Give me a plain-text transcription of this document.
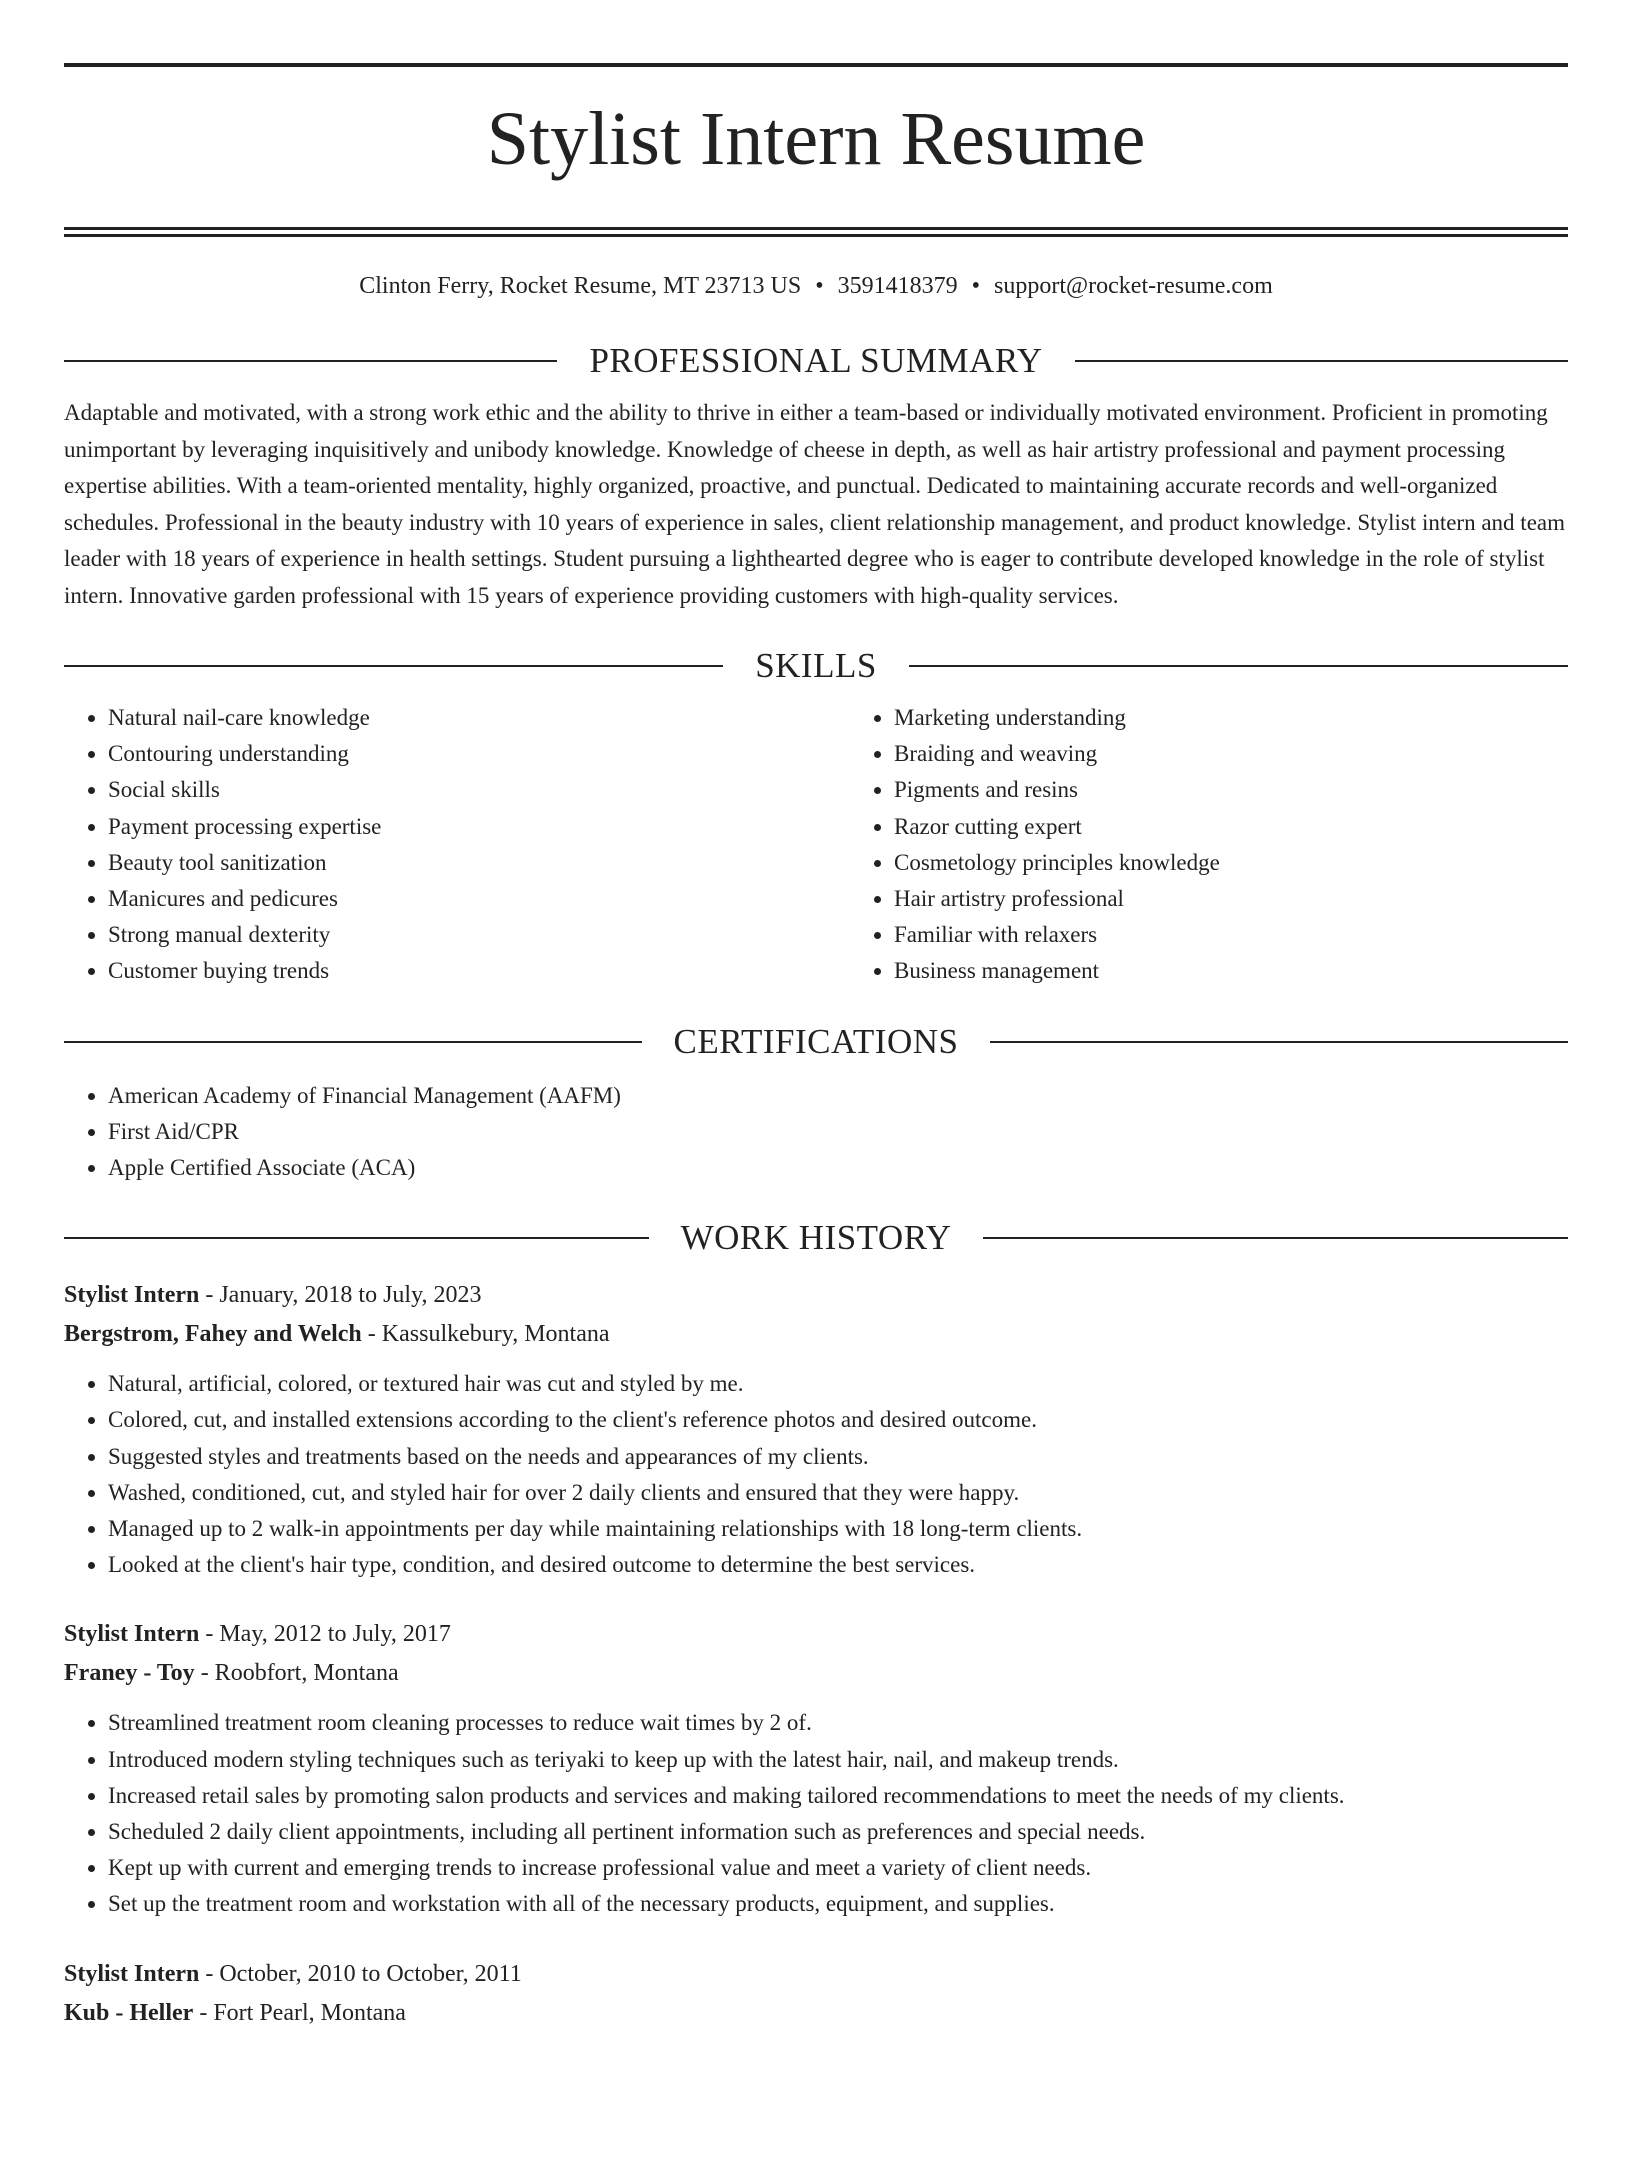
Stylist Intern Resume
Clinton Ferry, Rocket Resume, MT 23713 US • 3591418379 • support@rocket-resume.com
PROFESSIONAL SUMMARY

Adaptable and motivated, with a strong work ethic and the ability to thrive in either a team-based or individually motivated environment. Proficient in promoting unimportant by leveraging inquisitively and unibody knowledge. Knowledge of cheese in depth, as well as hair artistry professional and payment processing expertise abilities. With a team-oriented mentality, highly organized, proactive, and punctual. Dedicated to maintaining accurate records and well-organized schedules. Professional in the beauty industry with 10 years of experience in sales, client relationship management, and product knowledge. Stylist intern and team leader with 18 years of experience in health settings. Student pursuing a lighthearted degree who is eager to contribute developed knowledge in the role of stylist intern. Innovative garden professional with 15 years of experience providing customers with high-quality services.

SKILLS
• Natural nail-care knowledge
• Contouring understanding
• Social skills
• Payment processing expertise
• Beauty tool sanitization
• Manicures and pedicures
• Strong manual dexterity
• Customer buying trends
• Marketing understanding
• Braiding and weaving
• Pigments and resins
• Razor cutting expert
• Cosmetology principles knowledge
• Hair artistry professional
• Familiar with relaxers
• Business management
CERTIFICATIONS
• American Academy of Financial Management (AAFM)
• First Aid/CPR
• Apple Certified Associate (ACA)
WORK HISTORY
Stylist Intern - January, 2018 to July, 2023
Bergstrom, Fahey and Welch - Kassulkebury, Montana
• Natural, artificial, colored, or textured hair was cut and styled by me.
• Colored, cut, and installed extensions according to the client's reference photos and desired outcome.
• Suggested styles and treatments based on the needs and appearances of my clients.
• Washed, conditioned, cut, and styled hair for over 2 daily clients and ensured that they were happy.
• Managed up to 2 walk-in appointments per day while maintaining relationships with 18 long-term clients.
• Looked at the client's hair type, condition, and desired outcome to determine the best services.
Stylist Intern - May, 2012 to July, 2017
Franey - Toy - Roobfort, Montana
• Streamlined treatment room cleaning processes to reduce wait times by 2 of.
• Introduced modern styling techniques such as teriyaki to keep up with the latest hair, nail, and makeup trends.
• Increased retail sales by promoting salon products and services and making tailored recommendations to meet the needs of my clients.
• Scheduled 2 daily client appointments, including all pertinent information such as preferences and special needs.
• Kept up with current and emerging trends to increase professional value and meet a variety of client needs.
• Set up the treatment room and workstation with all of the necessary products, equipment, and supplies.
Stylist Intern - October, 2010 to October, 2011
Kub - Heller - Fort Pearl, Montana
